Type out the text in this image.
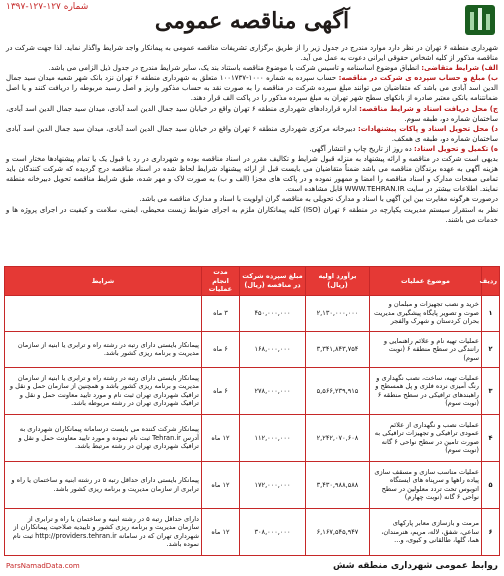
شماره ۱۲۷-۱۲۷-۱۳۹۷
آگهی مناقصه عمومی

شهرداری منطقه ۶ تهران در نظر دارد موارد مندرج در جدول زیر را از طریق برگزاری تشریفات مناقصه عمومی به پیمانکار واجد شرایط واگذار نماید. لذا جهت شرکت در مناقصه مذکور از کلیه اشخاص حقوقی ایرانی دعوت به عمل می آید.

الف) شرایط متقاضی: انطباق موضوع اساسنامه و تاسیس شرکت با موضوع مناقصه باستناد بند یک، سایر شرایط مندرج در جدول ذیل الزامی می باشد.

ب) مبلغ و حساب سپرده ی شرکت در مناقصه: حساب سپرده به شماره ۱۰۰۰-۱۰۰۱۷۳۷ متعلق به شهرداری منطقه ۶ تهران نزد بانک شهر شعبه میدان سید جمال الدین اسد آبادی می باشد که متقاضیان می توانند مبلغ سپرده شرکت در مناقصه را به صورت نقد به حساب مذکور واریز و اصل رسید مربوطه را دریافت کنند و یا اصل ضمانتنامه بانکی معتبر صادره از بانکهای سطح شهر تهران به مبلغ سپرده مذکور را در پاکت الف قرار دهند.

ج) محل دریافت اسناد و شرایط مناقصه: اداره قراردادهای شهرداری منطقه ۶ تهران واقع در خیابان سید جمال الدین اسد آبادی، میدان سید جمال الدین اسد آبادی، ساختمان شماره دو، طبقه سوم.

د) محل تحویل اسناد و پاکات پیشنهادات: دبیرخانه مرکزی شهرداری منطقه ۶ تهران واقع در خیابان سید جمال الدین اسد آبادی، میدان سید جمال الدین اسد آبادی ساختمان شماره دو، طبقه ی همکف.

ه) تکمیل و تحویل اسناد: ده روز از تاریخ چاپ و انتشار آگهی.

بدیهی است شرکت در مناقصه و ارائه پیشنهاد به منزله قبول شرایط و تکالیف مقرر در اسناد مناقصه بوده و شهرداری در رد یا قبول یک یا تمام پیشنهادها مختار است و هزینه آگهی به عهده برندگان مناقصه می باشد ضمناً متقاضیان می بایست قبل از ارائه پیشنهاد شرایط لحاظ شده در اسناد مناقصه درج گردیده که شرکت کنندگان باید تمامی صفحات مدارک و اسناد مناقصه را امضا و ممهور نموده و در پاکت های مجزا (الف و ب) به صورت لاک و مهر شده، طبق شرایط مناقصه تحویل دبیرخانه منطقه نمایند. اطلاعات بیشتر در سایت WWW.TEHRAN.IR قابل مشاهده است.

درصورت هرگونه مغایرت بین این آگهی با اسناد و مدارک تحویلی به مناقصه گران اولویت با اسناد و مدارک مناقصه می باشد.

نظر به استقرار سیستم مدیریت یکپارچه در منطقه ۶ تهران (ISO) کلیه پیمانکاران ملزم به اجرای ضوابط زیست محیطی، ایمنی، سلامت و کیفیت در اجرای پروژه ها و خدمات می باشند.

ردیف	موضوع عملیات	برآورد اولیه (ریال)	مبلغ سپرده شرکت در مناقصه (ریال)	مدت انجام عملیات	شرایط
۱	خرید و نصب تجهیزات و مبلمان و صوت و تصویر پایگاه پیشگیری مدیریت بحران کردستان و شهرک والفجر	۲,۱۳۰,۰۰۰,۰۰۰	۴۵۰,۰۰۰,۰۰۰	۳ ماه	
۲	عملیات تهیه نام و علائم راهنمایی و رانندگی در سطح منطقه ۶ (نوبت سوم)	۳,۳۴۱,۸۴۳,۷۵۴	۱۶۸,۰۰۰,۰۰۰	۶ ماه	پیمانکار بایستی دارای رتبه در رشته راه و ترابری یا ابنیه از سازمان مدیریت و برنامه ریزی کشور باشد.
۳	عملیات تهیه، ساخت، نصب نگهداری و رنگ آمیزی نرده فلزی و پل همسطح و راهبندهای ترافیکی در سطح منطقه ۶ (نوبت سوم)	۵,۵۶۶,۲۳۹,۹۱۵	۲۷۸,۰۰۰,۰۰۰	۶ ماه	پیمانکار بایستی دارای رتبه در رشته راه و ترابری یا ابنیه از سازمان مدیریت و برنامه ریزی کشور باشد و همچنین از سازمان حمل و نقل و ترافیک شهرداری تهران ثبت نام و مورد تایید معاونت حمل و نقل و ترافیک شهرداری تهران در رشته مربوطه باشد.
۴	عملیات نصب و نگهداری از علائم عمودی ترافیکی و تجهیزات ترافیکی به صورت تامین در سطح نواحی ۶ گانه (نوبت سوم)	۲,۲۴۲,۰۷۰,۶۰۸	۱۱۲,۰۰۰,۰۰۰	۱۲ ماه	پیمانکار شرکت کننده می بایست درسامانه پیمانکاران شهرداری به آدرس Tehran.ir ثبت نام نموده و مورد تایید معاونت حمل و نقل و ترافیک شهرداری تهران در رشته مرتبط باشد.
۵	عملیات مناسب سازی و مسقف سازی پیاده راهها و سرپناه های ایستگاه اتوبوس تحت تردد معلولین در سطح نواحی ۶ گانه (نوبت چهارم)	۳,۴۳۰,۹۸۸,۵۸۸	۱۷۲,۰۰۰,۰۰۰	۱۲ ماه	پیمانکار بایستی دارای حداقل رتبه ۵ در رشته ابنیه و ساختمان یا راه و ترابری از سازمان مدیریت و برنامه ریزی کشور باشد.
۶	مرمت و بازسازی معابر پارکهای ساعی، شفق، لاله، مریم، هنرمندان، هما، گلها، طالقانی و کیوی، و...	۶,۱۶۷,۵۴۵,۹۴۷	۳۰۸,۰۰۰,۰۰۰	۱۲ ماه	دارای حداقل رتبه ۵ در رشته ابنیه و ساختمان یا راه و ترابری از سازمان مدیریت و برنامه ریزی کشور و تاییدیه صلاحیت پیمانکاران از شهرداری تهران که در سامانه http://providers.tehran.ir ثبت نام نموده باشد.
روابط عمومی شهرداری منطقه شش
ParsNamadData.com
